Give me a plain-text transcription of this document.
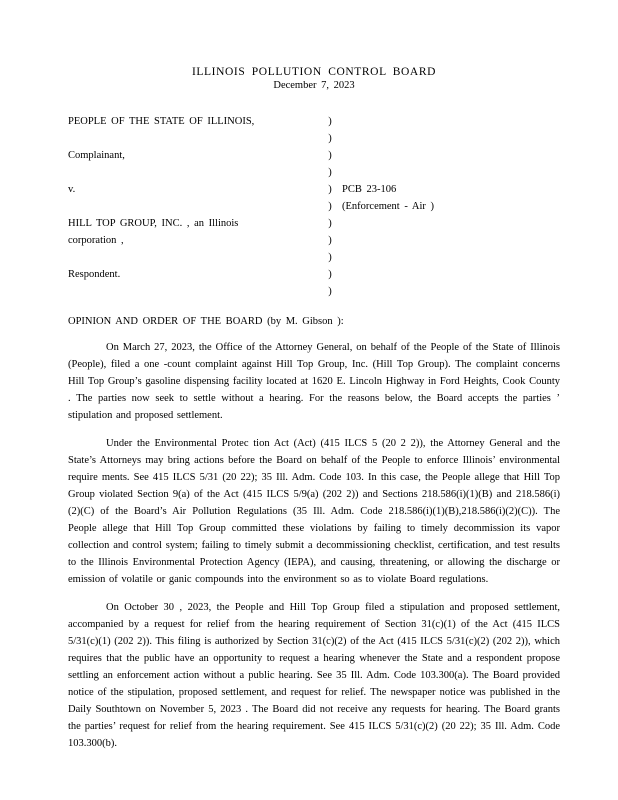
ILLINOIS POLLUTION CONTROL BOARD
December 7, 2023
PEOPLE OF THE STATE OF ILLINOIS,	)	
	)	
Complainant,	)	
	)	
v.	)	PCB 23-106
	)	(Enforcement - Air )
HILL TOP GROUP, INC. , an Illinois	)	
corporation ,	)	
	)	
Respondent.	)	
	)	
OPINION AND ORDER OF THE BOARD (by M. Gibson ):

On March 27, 2023, the Office of the Attorney General, on behalf of the People of the State of Illinois (People), filed a one -count complaint against Hill Top Group, Inc. (Hill Top Group). The complaint concerns Hill Top Group’s gasoline dispensing facility located at 1620 E. Lincoln Highway in Ford Heights, Cook County . The parties now seek to settle without a hearing. For the reasons below, the Board accepts the parties ’ stipulation and proposed settlement.

Under the Environmental Protec tion Act (Act) (415 ILCS 5 (20 2 2)), the Attorney General and the State’s Attorneys may bring actions before the Board on behalf of the People to enforce Illinois’ environmental require ments. See 415 ILCS 5/31 (20 22); 35 Ill. Adm. Code 103. In this case, the People allege that Hill Top Group violated Section 9(a) of the Act (415 ILCS 5/9(a) (202 2)) and Sections 218.586(i)(1)(B) and 218.586(i)(2)(C) of the Board’s Air Pollution Regulations (35 Ill. Adm. Code 218.586(i)(1)(B),218.586(i)(2)(C)). The People allege that Hill Top Group committed these violations by failing to timely decommission its vapor collection and control system; failing to timely submit a decommissioning checklist, certification, and test results to the Illinois Environmental Protection Agency (IEPA), and causing, threatening, or allowing the discharge or emission of volatile or ganic compounds into the environment so as to violate Board regulations.

On October 30 , 2023, the People and Hill Top Group filed a stipulation and proposed settlement, accompanied by a request for relief from the hearing requirement of Section 31(c)(1) of the Act (415 ILCS 5/31(c)(1) (202 2)). This filing is authorized by Section 31(c)(2) of the Act (415 ILCS 5/31(c)(2) (202 2)), which requires that the public have an opportunity to request a hearing whenever the State and a respondent propose settling an enforcement action without a public hearing. See 35 Ill. Adm. Code 103.300(a). The Board provided notice of the stipulation, proposed settlement, and request for relief. The newspaper notice was published in the Daily Southtown on November 5, 2023 . The Board did not receive any requests for hearing. The Board grants the parties’ request for relief from the hearing requirement. See 415 ILCS 5/31(c)(2) (20 22); 35 Ill. Adm. Code 103.300(b).
